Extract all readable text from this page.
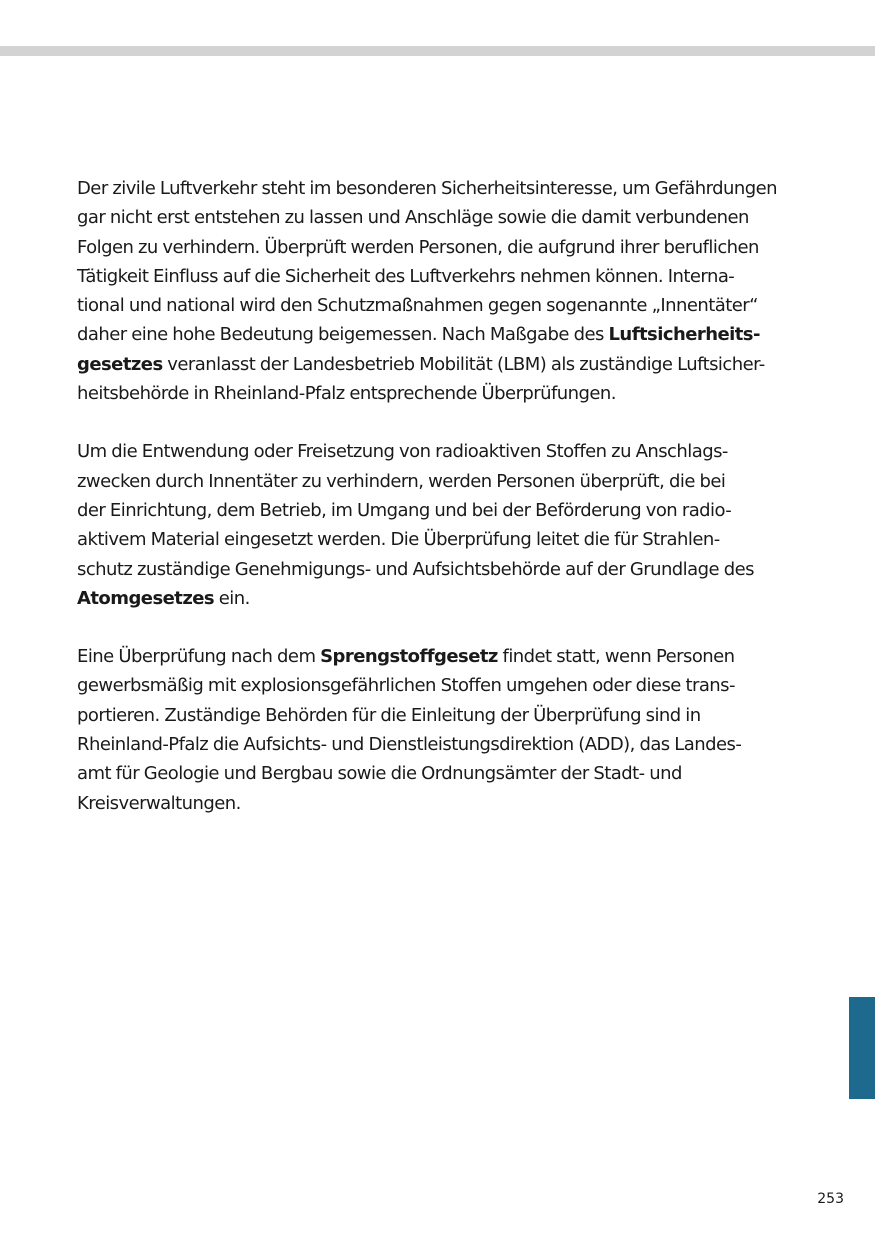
Der zivile Luftverkehr steht im besonderen Sicherheitsinteresse, um Gefährdungen
gar nicht erst entstehen zu lassen und Anschläge sowie die damit verbundenen
Folgen zu verhindern. Überprüft werden Personen, die aufgrund ihrer beruflichen
Tätigkeit Einfluss auf die Sicherheit des Luftverkehrs nehmen können. Interna-
tional und national wird den Schutzmaßnahmen gegen sogenannte „Innentäter“
daher eine hohe Bedeutung beigemessen. Nach Maßgabe des Luftsicherheits-
gesetzes veranlasst der Landesbetrieb Mobilität (LBM) als zuständige Luftsicher-
heitsbehörde in Rheinland-Pfalz entsprechende Überprüfungen.

Um die Entwendung oder Freisetzung von radioaktiven Stoffen zu Anschlags-
zwecken durch Innentäter zu verhindern, werden Personen überprüft, die bei
der Einrichtung, dem Betrieb, im Umgang und bei der Beförderung von radio-
aktivem Material eingesetzt werden. Die Überprüfung leitet die für Strahlen-
schutz zuständige Genehmigungs- und Aufsichtsbehörde auf der Grundlage des
Atomgesetzes ein.

Eine Überprüfung nach dem Sprengstoffgesetz findet statt, wenn Personen
gewerbsmäßig mit explosionsgefährlichen Stoffen umgehen oder diese trans-
portieren. Zuständige Behörden für die Einleitung der Überprüfung sind in
Rheinland-Pfalz die Aufsichts- und Dienstleistungsdirektion (ADD), das Landes-
amt für Geologie und Bergbau sowie die Ordnungsämter der Stadt- und
Kreisverwaltungen.

253
